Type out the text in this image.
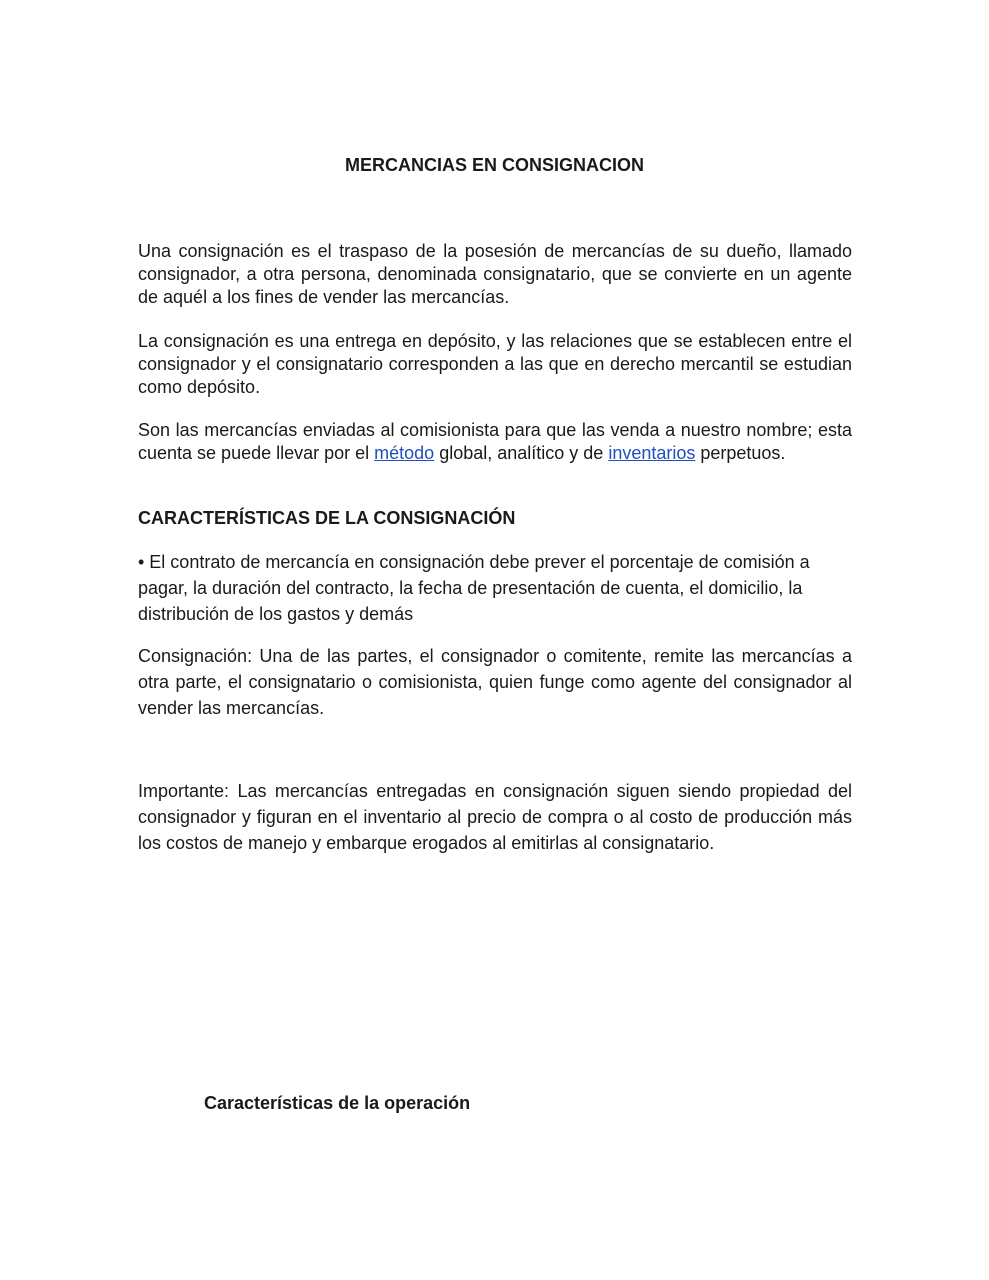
MERCANCIAS EN CONSIGNACION

Una consignación es el traspaso de la posesión de mercancías de su dueño, llamado consignador, a otra persona, denominada consignatario, que se convierte en un agente de aquél a los fines de vender las mercancías.

La consignación es una entrega en depósito, y las relaciones que se establecen entre el consignador y el consignatario corresponden a las que en derecho mercantil se estudian como depósito.

Son las mercancías enviadas al comisionista para que las venda a nuestro nombre; esta cuenta se puede llevar por el método global, analítico y de inventarios perpetuos.

CARACTERÍSTICAS DE LA CONSIGNACIÓN

• El contrato de mercancía en consignación debe prever el porcentaje de comisión a pagar, la duración del contracto, la fecha de presentación de cuenta, el domicilio, la distribución de los gastos y demás

Consignación: Una de las partes, el consignador o comitente, remite las mercancías a otra parte, el consignatario o comisionista, quien funge como agente del consignador al vender las mercancías.

Importante: Las mercancías entregadas en consignación siguen siendo propiedad del consignador y figuran en el inventario al precio de compra o al costo de producción más los costos de manejo y embarque erogados al emitirlas al consignatario.

Características de la operación
